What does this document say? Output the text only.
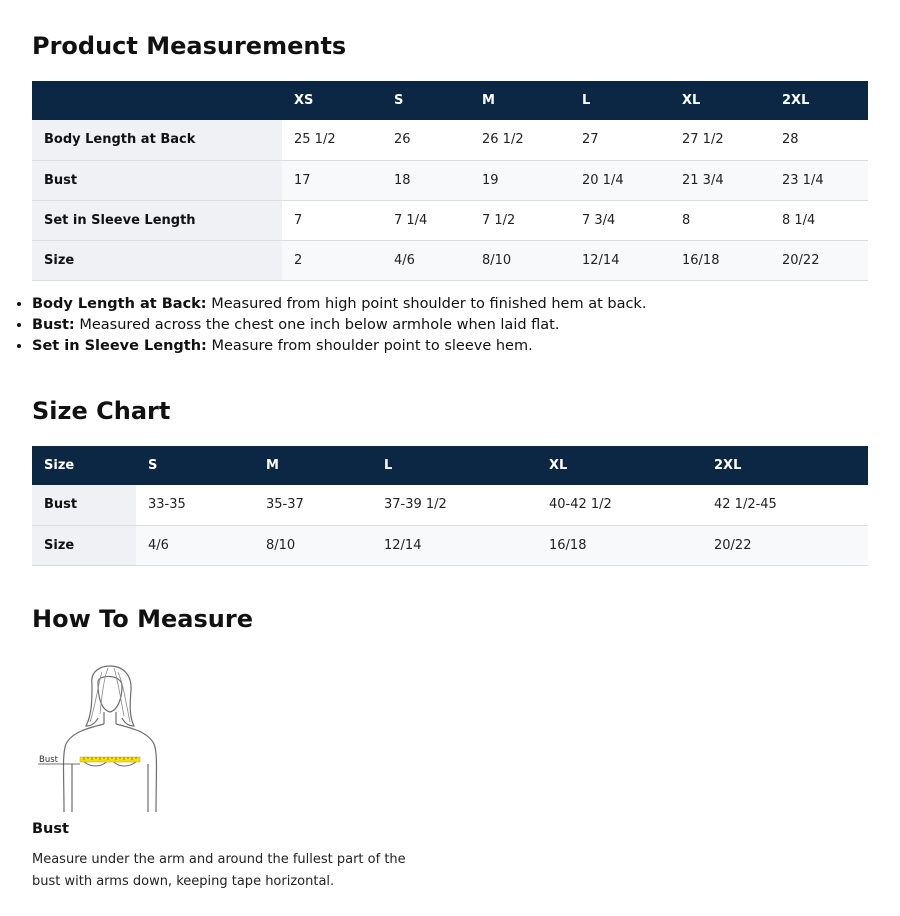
Product Measurements
	XS	S	M	L	XL	2XL
Body Length at Back	25 1/2	26	26 1/2	27	27 1/2	28
Bust	17	18	19	20 1/4	21 3/4	23 1/4
Set in Sleeve Length	7	7 1/4	7 1/2	7 3/4	8	8 1/4
Size	2	4/6	8/10	12/14	16/18	20/22
• Body Length at Back: Measured from high point shoulder to finished hem at back.
• Bust: Measured across the chest one inch below armhole when laid flat.
• Set in Sleeve Length: Measure from shoulder point to sleeve hem.
Size Chart
Size	S	M	L	XL	2XL
Bust	33-35	35-37	37-39 1/2	40-42 1/2	42 1/2-45
Size	4/6	8/10	12/14	16/18	20/22
How To Measure
Bust
Bust
Measure under the arm and around the fullest part of the bust with arms down, keeping tape horizontal.
